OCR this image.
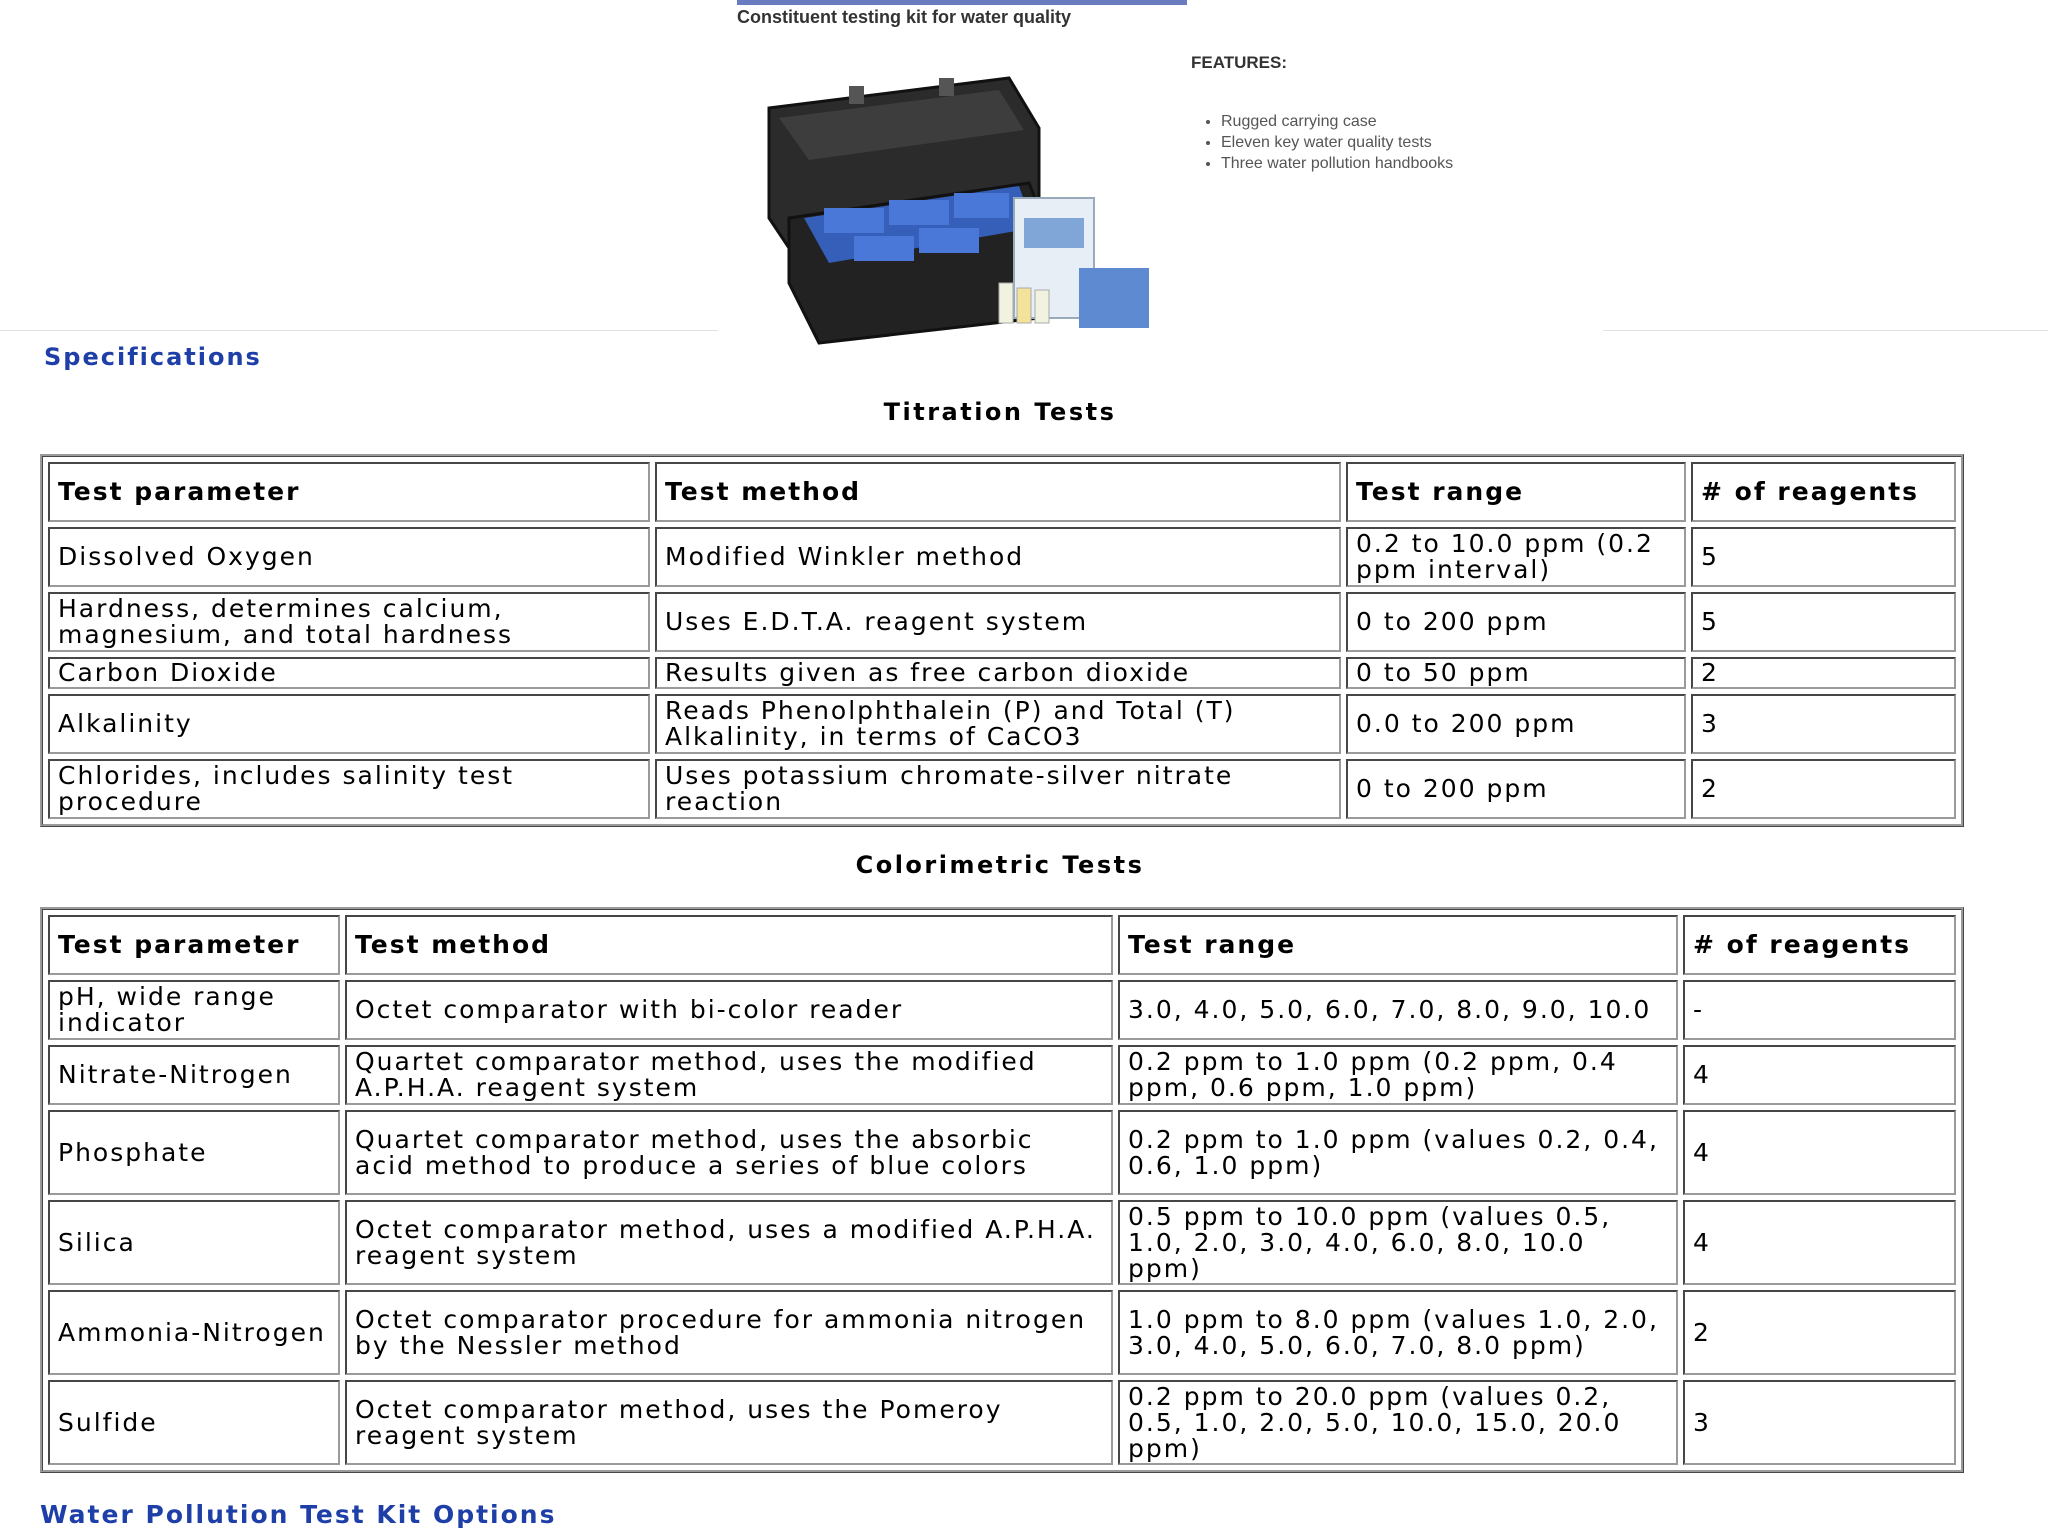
Constituent testing kit for water quality
FEATURES:
• Rugged carrying case
• Eleven key water quality tests
• Three water pollution handbooks
Specifications
Titration Tests
Test parameter	Test method	Test range	# of reagents
Dissolved Oxygen	Modified Winkler method	0.2 to 10.0 ppm (0.2 ppm interval)	5
Hardness, determines calcium, magnesium, and total hardness	Uses E.D.T.A. reagent system	0 to 200 ppm	5
Carbon Dioxide	Results given as free carbon dioxide	0 to 50 ppm	2
Alkalinity	Reads Phenolphthalein (P) and Total (T) Alkalinity, in terms of CaCO3	0.0 to 200 ppm	3
Chlorides, includes salinity test procedure	Uses potassium chromate-silver nitrate reaction	0 to 200 ppm	2
Colorimetric Tests
Test parameter	Test method	Test range	# of reagents
pH, wide range indicator	Octet comparator with bi-color reader	3.0, 4.0, 5.0, 6.0, 7.0, 8.0, 9.0, 10.0	-
Nitrate-Nitrogen	Quartet comparator method, uses the modified A.P.H.A. reagent system	0.2 ppm to 1.0 ppm (0.2 ppm, 0.4 ppm, 0.6 ppm, 1.0 ppm)	4
Phosphate	Quartet comparator method, uses the absorbic acid method to produce a series of blue colors	0.2 ppm to 1.0 ppm (values 0.2, 0.4, 0.6, 1.0 ppm)	4
Silica	Octet comparator method, uses a modified A.P.H.A. reagent system	0.5 ppm to 10.0 ppm (values 0.5, 1.0, 2.0, 3.0, 4.0, 6.0, 8.0, 10.0 ppm)	4
Ammonia-Nitrogen	Octet comparator procedure for ammonia nitrogen by the Nessler method	1.0 ppm to 8.0 ppm (values 1.0, 2.0, 3.0, 4.0, 5.0, 6.0, 7.0, 8.0 ppm)	2
Sulfide	Octet comparator method, uses the Pomeroy reagent system	0.2 ppm to 20.0 ppm (values 0.2, 0.5, 1.0, 2.0, 5.0, 10.0, 15.0, 20.0 ppm)	3
Water Pollution Test Kit Options
